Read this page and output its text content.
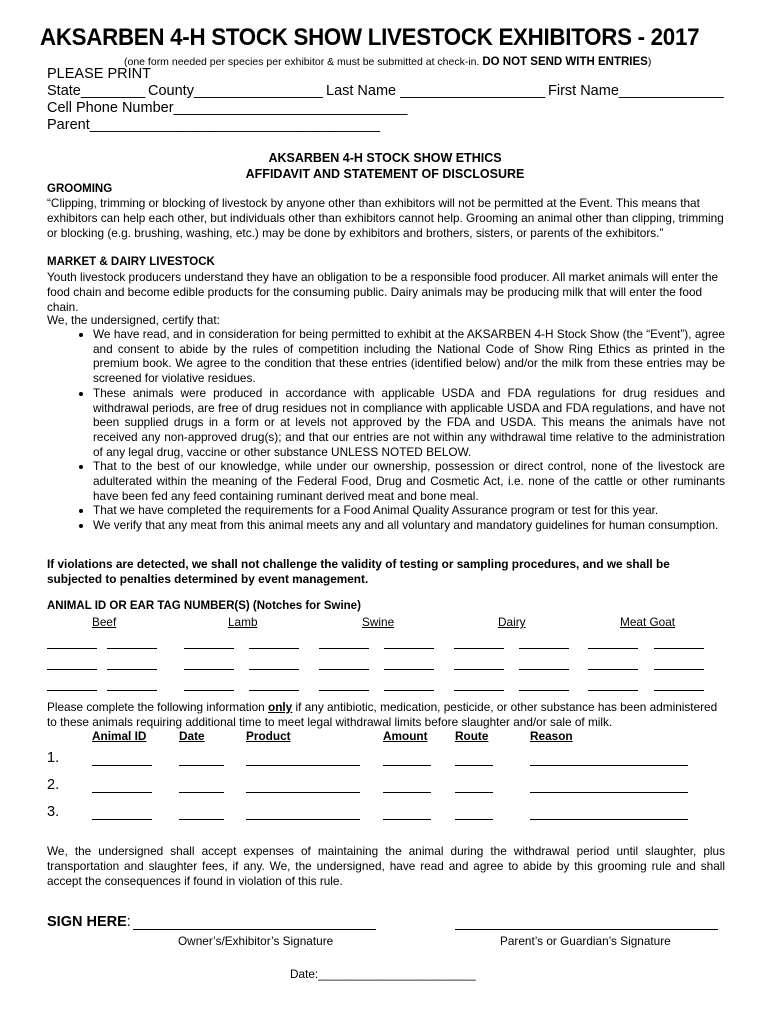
AKSARBEN 4-H STOCK SHOW LIVESTOCK EXHIBITORS - 2017
(one form needed per species per exhibitor & must be submitted at check-in. DO NOT SEND WITH ENTRIES)
PLEASE PRINT
State________ County________________ Last Name __________________ First Name_____________
Cell Phone Number_____________________________
Parent____________________________________
AKSARBEN 4-H STOCK SHOW ETHICS
AFFIDAVIT AND STATEMENT OF DISCLOSURE
GROOMING
“Clipping, trimming or blocking of livestock by anyone other than exhibitors will not be permitted at the Event. This means that exhibitors can help each other, but individuals other than exhibitors cannot help. Grooming an animal other than clipping, trimming or blocking (e.g. brushing, washing, etc.) may be done by exhibitors and brothers, sisters, or parents of the exhibitors.”
MARKET & DAIRY LIVESTOCK
Youth livestock producers understand they have an obligation to be a responsible food producer. All market animals will enter the food chain and become edible products for the consuming public. Dairy animals may be producing milk that will enter the food chain.
We, the undersigned, certify that:
• We have read, and in consideration for being permitted to exhibit at the AKSARBEN 4-H Stock Show (the “Event”), agree and consent to abide by the rules of competition including the National Code of Show Ring Ethics as printed in the premium book. We agree to the condition that these entries (identified below) and/or the milk from these entries may be screened for violative residues.
• These animals were produced in accordance with applicable USDA and FDA regulations for drug residues and withdrawal periods, are free of drug residues not in compliance with applicable USDA and FDA regulations, and have not been supplied drugs in a form or at levels not approved by the FDA and USDA. This means the animals have not received any non-approved drug(s); and that our entries are not within any withdrawal time relative to the administration of any legal drug, vaccine or other substance UNLESS NOTED BELOW.
• That to the best of our knowledge, while under our ownership, possession or direct control, none of the livestock are adulterated within the meaning of the Federal Food, Drug and Cosmetic Act, i.e. none of the cattle or other ruminants have been fed any feed containing ruminant derived meat and bone meal.
• That we have completed the requirements for a Food Animal Quality Assurance program or test for this year.
• We verify that any meat from this animal meets any and all voluntary and mandatory guidelines for human consumption.
If violations are detected, we shall not challenge the validity of testing or sampling procedures, and we shall be subjected to penalties determined by event management.
ANIMAL ID OR EAR TAG NUMBER(S) (Notches for Swine)
Beef	Lamb	Swine	Dairy	Meat Goat
Please complete the following information only if any antibiotic, medication, pesticide, or other substance has been administered to these animals requiring additional time to meet legal withdrawal limits before slaughter and/or sale of milk.
Animal ID	Date	Product	Amount Route	Reason
1.
2.
3.
We, the undersigned shall accept expenses of maintaining the animal during the withdrawal period until slaughter, plus transportation and slaughter fees, if any. We, the undersigned, have read and agree to abide by this grooming rule and shall accept the consequences if found in violation of this rule.
SIGN HERE:
Owner’s/Exhibitor’s Signature	Parent’s or Guardian’s Signature
Date:________________________
